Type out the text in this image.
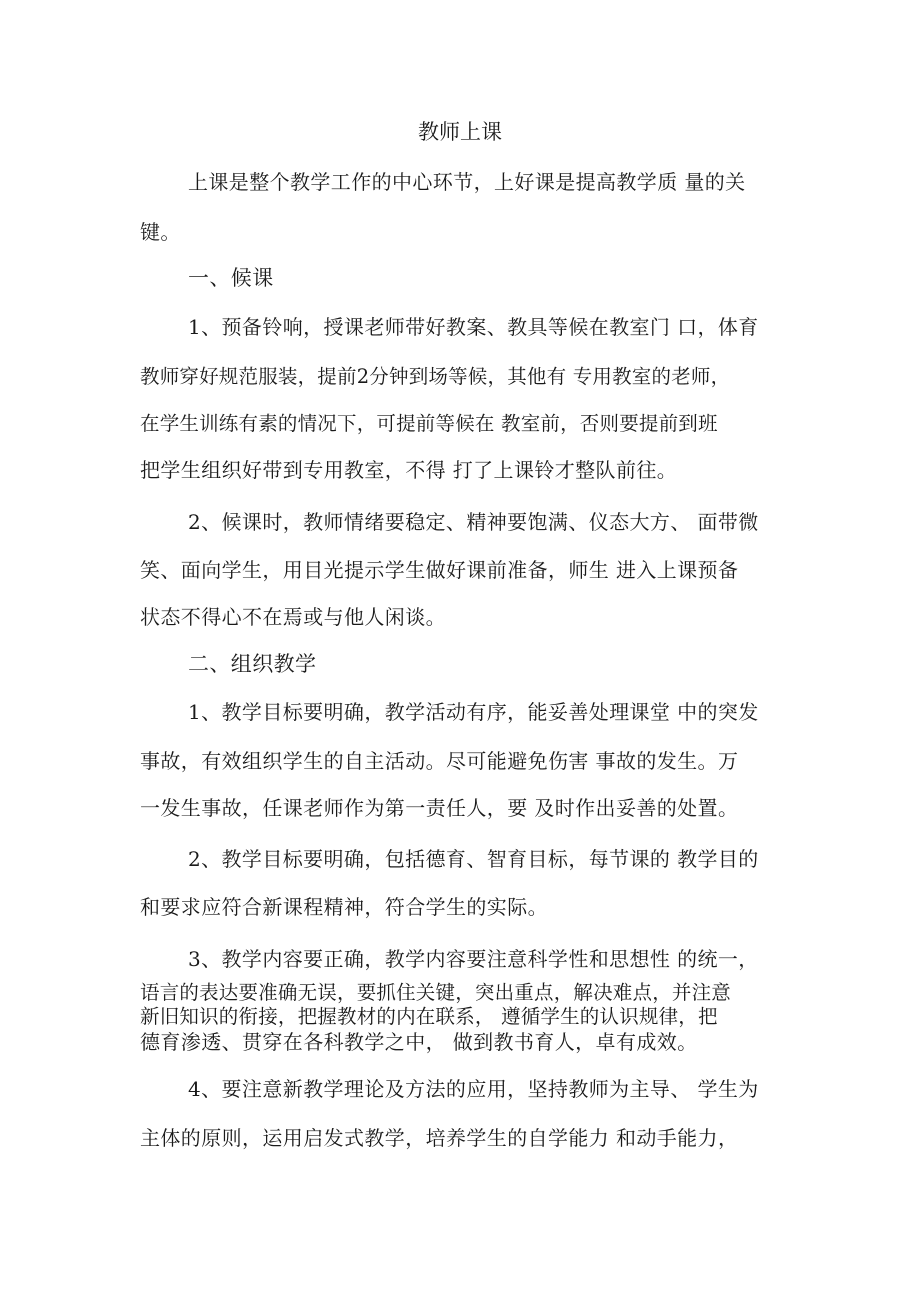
教师上课
上课是整个教学工作的中心环节，上好课是提高教学质 量的关
键。
一、候课
1、预备铃响，授课老师带好教案、教具等候在教室门 口，体育
教师穿好规范服装，提前2分钟到场等候，其他有 专用教室的老师，
在学生训练有素的情况下，可提前等候在 教室前，否则要提前到班
把学生组织好带到专用教室，不得 打了上课铃才整队前往。
2、候课时，教师情绪要稳定、精神要饱满、仪态大方、 面带微
笑、面向学生，用目光提示学生做好课前准备，师生 进入上课预备
状态不得心不在焉或与他人闲谈。
二、组织教学
1、教学目标要明确，教学活动有序，能妥善处理课堂 中的突发
事故，有效组织学生的自主活动。尽可能避免伤害 事故的发生。万
一发生事故，任课老师作为第一责任人，要 及时作出妥善的处置。
2、教学目标要明确，包括德育、智育目标，每节课的 教学目的
和要求应符合新课程精神，符合学生的实际。
3、教学内容要正确，教学内容要注意科学性和思想性 的统一，
语言的表达要准确无误，要抓住关键，突出重点，解决难点，并注意
新旧知识的衔接，把握教材的内在联系， 遵循学生的认识规律，把
德育渗透、贯穿在各科教学之中， 做到教书育人，卓有成效。
4、要注意新教学理论及方法的应用，坚持教师为主导、 学生为
主体的原则，运用启发式教学，培养学生的自学能力 和动手能力，
